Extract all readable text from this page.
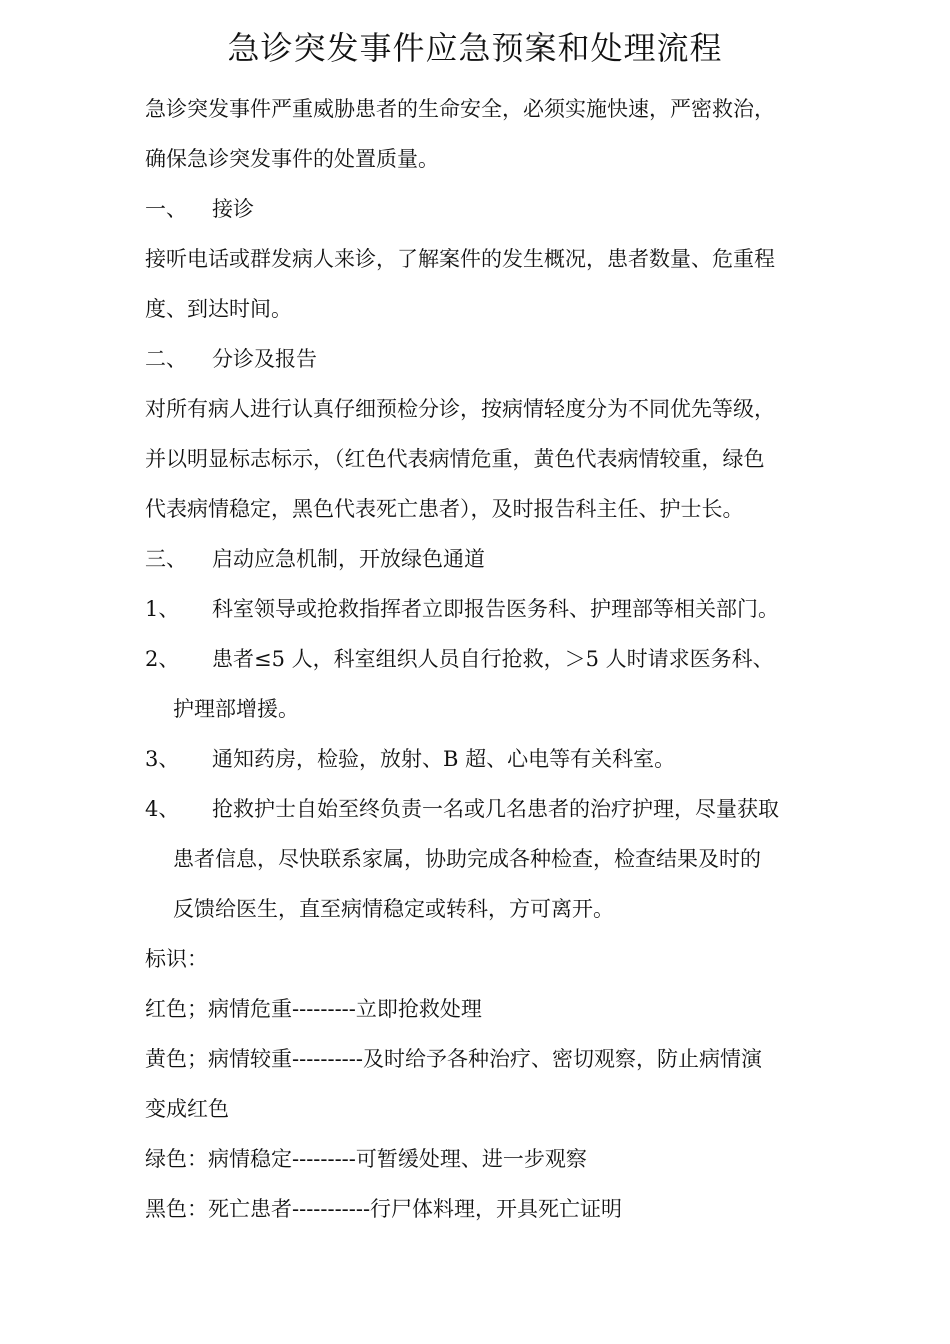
急诊突发事件应急预案和处理流程
急诊突发事件严重威胁患者的生命安全，必须实施快速，严密救治，
确保急诊突发事件的处置质量。
一、	接诊
接听电话或群发病人来诊，了解案件的发生概况，患者数量、危重程
度、到达时间。
二、	分诊及报告
对所有病人进行认真仔细预检分诊，按病情轻度分为不同优先等级，
并以明显标志标示，（红色代表病情危重，黄色代表病情较重，绿色
代表病情稳定，黑色代表死亡患者），及时报告科主任、护士长。
三、	启动应急机制，开放绿色通道
1、	科室领导或抢救指挥者立即报告医务科、护理部等相关部门。
2、	患者≤5 人，科室组织人员自行抢救，＞5 人时请求医务科、
护理部增援。
3、	通知药房，检验，放射、B 超、心电等有关科室。
4、	抢救护士自始至终负责一名或几名患者的治疗护理，尽量获取
患者信息，尽快联系家属，协助完成各种检查，检查结果及时的
反馈给医生，直至病情稳定或转科，方可离开。
标识：
红色；病情危重---------立即抢救处理
黄色；病情较重----------及时给予各种治疗、密切观察，防止病情演
变成红色
绿色：病情稳定---------可暂缓处理、进一步观察
黑色：死亡患者-----------行尸体料理，开具死亡证明
